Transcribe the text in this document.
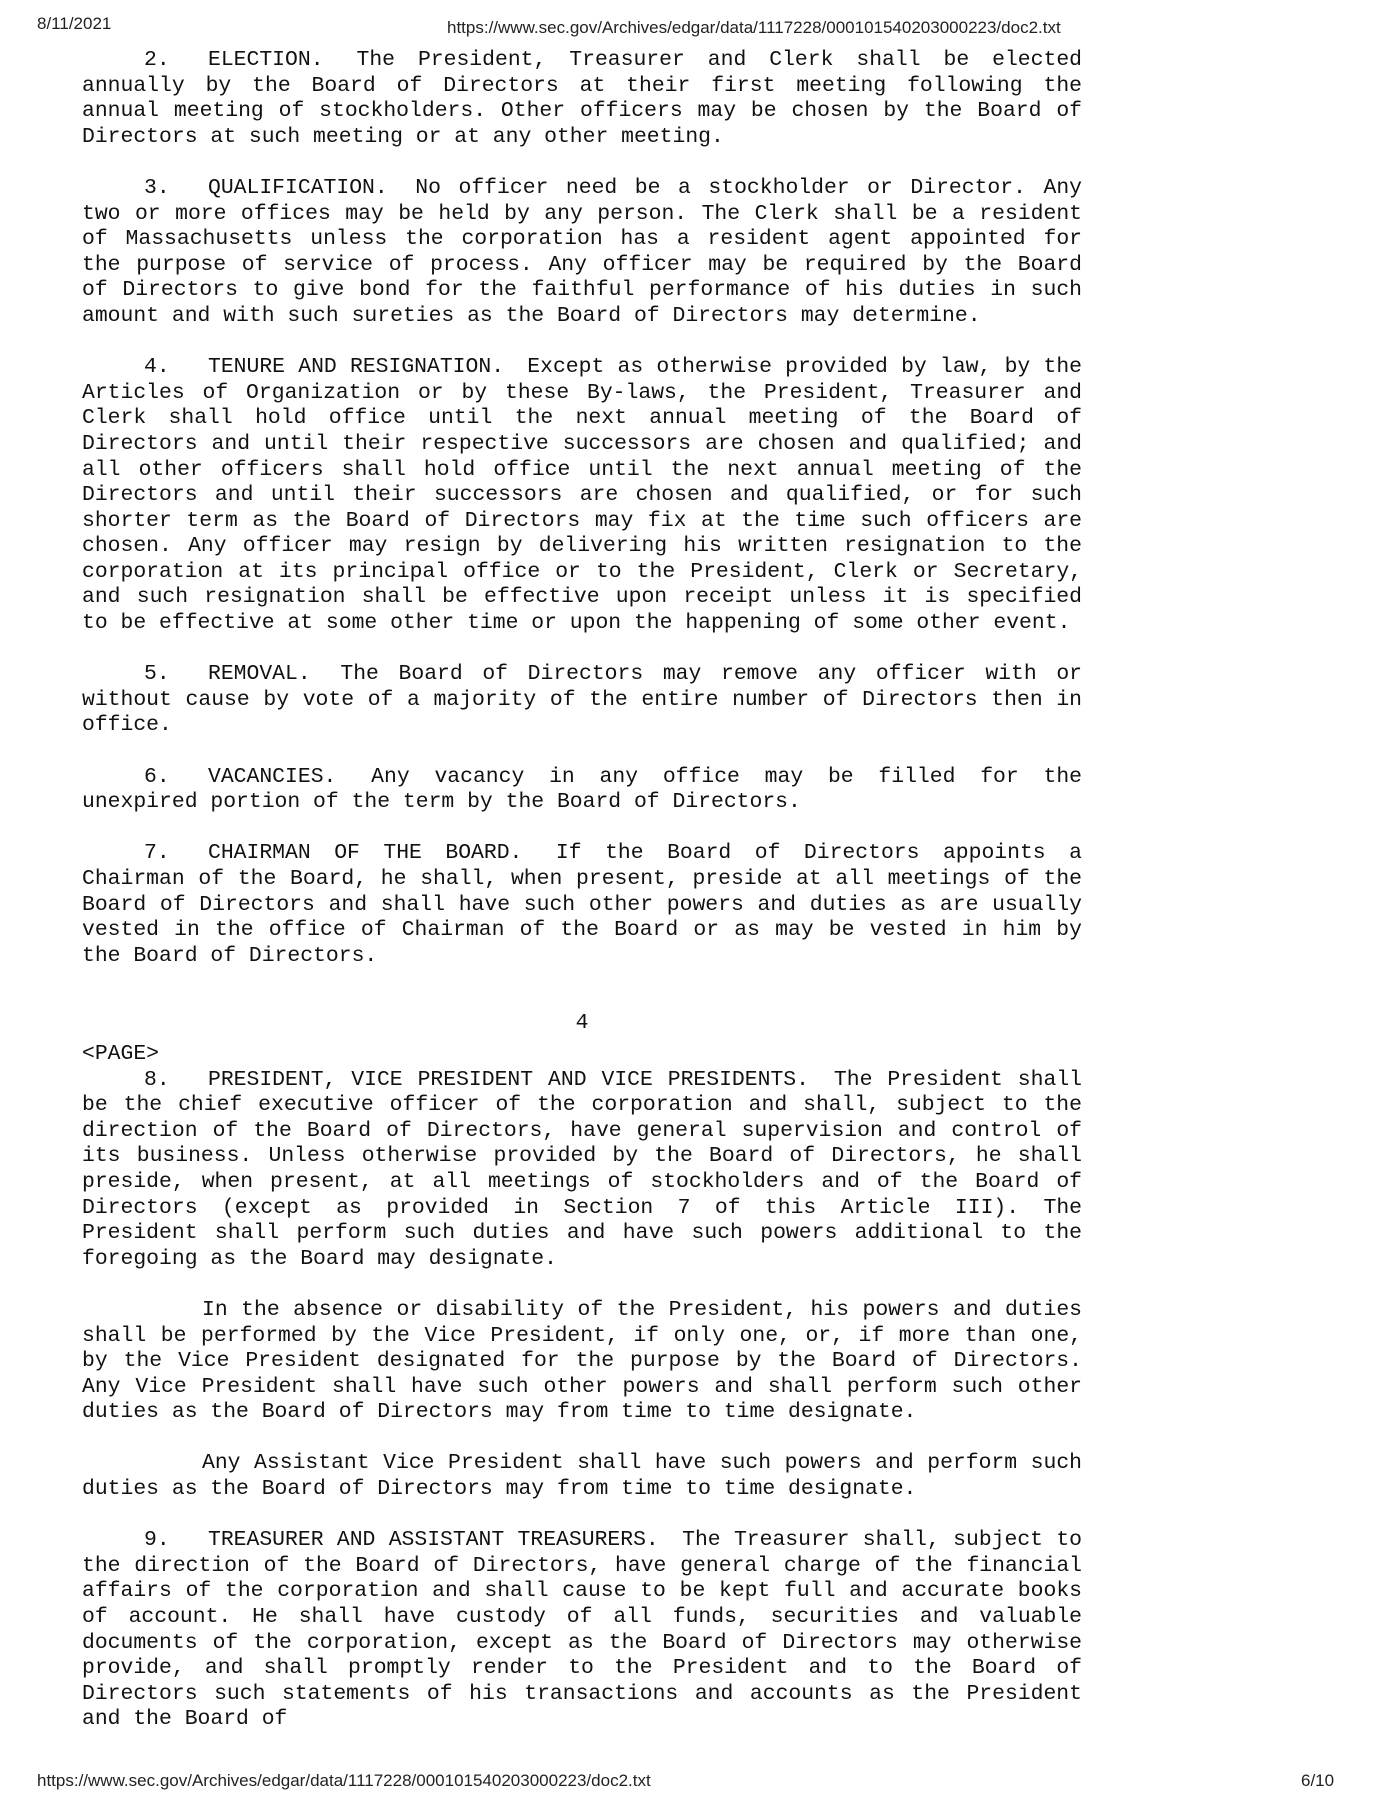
8/11/2021	https://www.sec.gov/Archives/edgar/data/1117228/000101540203000223/doc2.txt

2. ELECTION. The President, Treasurer and Clerk shall be elected annually by the Board of Directors at their first meeting following the annual meeting of stockholders. Other officers may be chosen by the Board of Directors at such meeting or at any other meeting.

3. QUALIFICATION. No officer need be a stockholder or Director. Any two or more offices may be held by any person. The Clerk shall be a resident of Massachusetts unless the corporation has a resident agent appointed for the purpose of service of process. Any officer may be required by the Board of Directors to give bond for the faithful performance of his duties in such amount and with such sureties as the Board of Directors may determine.

4. TENURE AND RESIGNATION. Except as otherwise provided by law, by the Articles of Organization or by these By-laws, the President, Treasurer and Clerk shall hold office until the next annual meeting of the Board of Directors and until their respective successors are chosen and qualified; and all other officers shall hold office until the next annual meeting of the Directors and until their successors are chosen and qualified, or for such shorter term as the Board of Directors may fix at the time such officers are chosen. Any officer may resign by delivering his written resignation to the corporation at its principal office or to the President, Clerk or Secretary, and such resignation shall be effective upon receipt unless it is specified to be effective at some other time or upon the happening of some other event.

5. REMOVAL. The Board of Directors may remove any officer with or without cause by vote of a majority of the entire number of Directors then in office.

6. VACANCIES. Any vacancy in any office may be filled for the unexpired portion of the term by the Board of Directors.

7. CHAIRMAN OF THE BOARD. If the Board of Directors appoints a Chairman of the Board, he shall, when present, preside at all meetings of the Board of Directors and shall have such other powers and duties as are usually vested in the office of Chairman of the Board or as may be vested in him by the Board of Directors.

4
<PAGE>

8. PRESIDENT, VICE PRESIDENT AND VICE PRESIDENTS. The President shall be the chief executive officer of the corporation and shall, subject to the direction of the Board of Directors, have general supervision and control of its business. Unless otherwise provided by the Board of Directors, he shall preside, when present, at all meetings of stockholders and of the Board of Directors (except as provided in Section 7 of this Article III). The President shall perform such duties and have such powers additional to the foregoing as the Board may designate.

In the absence or disability of the President, his powers and duties shall be performed by the Vice President, if only one, or, if more than one, by the Vice President designated for the purpose by the Board of Directors. Any Vice President shall have such other powers and shall perform such other duties as the Board of Directors may from time to time designate.

Any Assistant Vice President shall have such powers and perform such duties as the Board of Directors may from time to time designate.

9. TREASURER AND ASSISTANT TREASURERS. The Treasurer shall, subject to the direction of the Board of Directors, have general charge of the financial affairs of the corporation and shall cause to be kept full and accurate books of account. He shall have custody of all funds, securities and valuable documents of the corporation, except as the Board of Directors may otherwise provide, and shall promptly render to the President and to the Board of Directors such statements of his transactions and accounts as the President and the Board of

https://www.sec.gov/Archives/edgar/data/1117228/000101540203000223/doc2.txt	6/10
